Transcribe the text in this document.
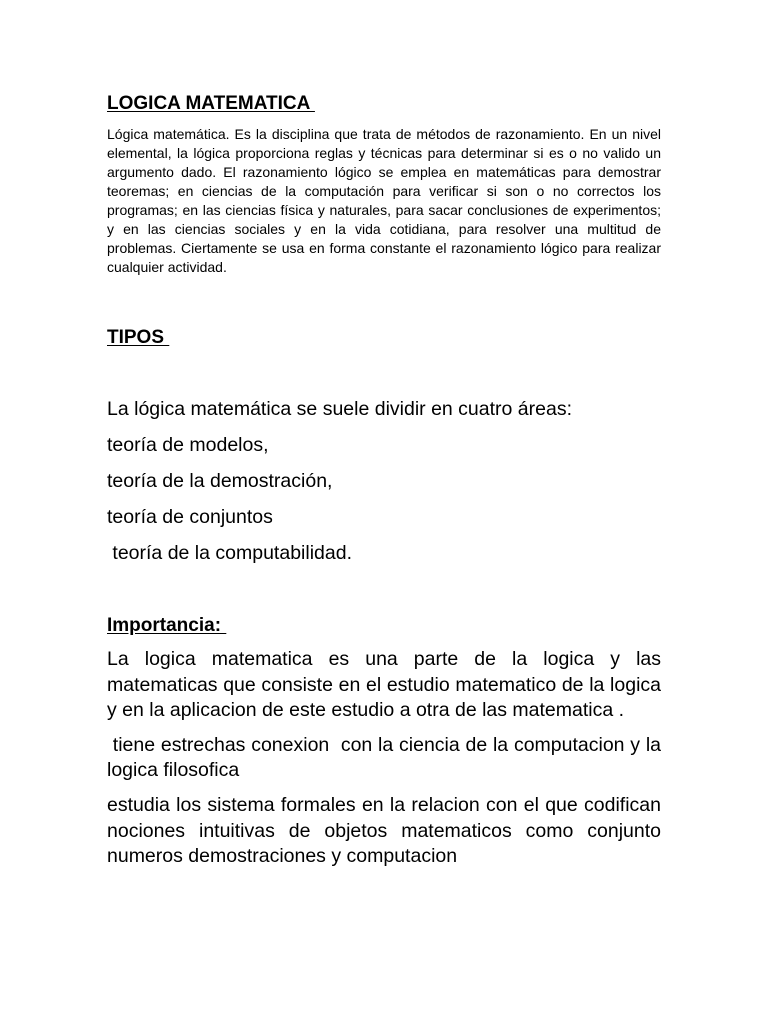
LOGICA MATEMATICA

Lógica matemática. Es la disciplina que trata de métodos de razonamiento. En un nivel elemental, la lógica proporciona reglas y técnicas para determinar si es o no valido un argumento dado. El razonamiento lógico se emplea en matemáticas para demostrar teoremas; en ciencias de la computación para verificar si son o no correctos los programas; en las ciencias física y naturales, para sacar conclusiones de experimentos; y en las ciencias sociales y en la vida cotidiana, para resolver una multitud de problemas. Ciertamente se usa en forma constante el razonamiento lógico para realizar cualquier actividad.

TIPOS

La lógica matemática se suele dividir en cuatro áreas:

teoría de modelos,

teoría de la demostración,

teoría de conjuntos

teoría de la computabilidad.

Importancia:

La logica matematica es una parte de la logica y las matematicas que consiste en el estudio matematico de la logica y en la aplicacion de este estudio a otra de las matematica .

tiene estrechas conexion  con la ciencia de la computacion y la logica filosofica

estudia los sistema formales en la relacion con el que codifican nociones intuitivas de objetos matematicos como conjunto numeros demostraciones y computacion
